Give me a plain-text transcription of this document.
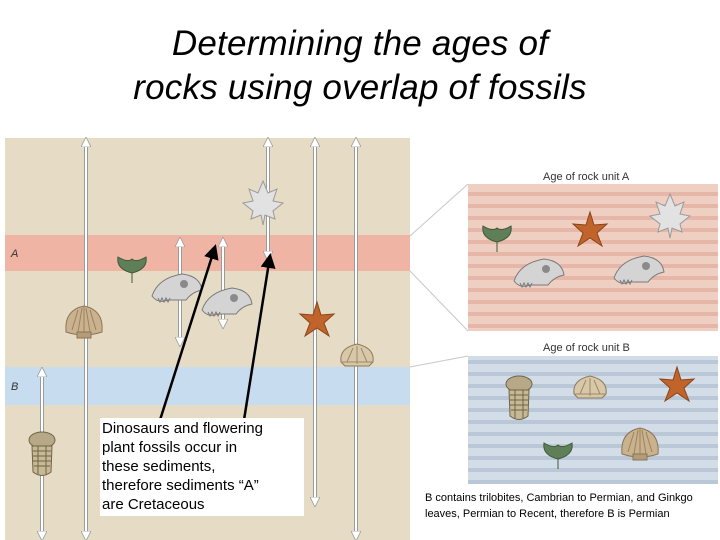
Determining the ages of
rocks using overlap of fossils
A
B
Age of rock unit A
Age of rock unit B
Dinosaurs and flowering
plant fossils occur in
these sediments,
therefore sediments “A”
are Cretaceous	B contains trilobites, Cambrian to Permian, and Ginkgo leaves, Permian to Recent, therefore B is Permian
